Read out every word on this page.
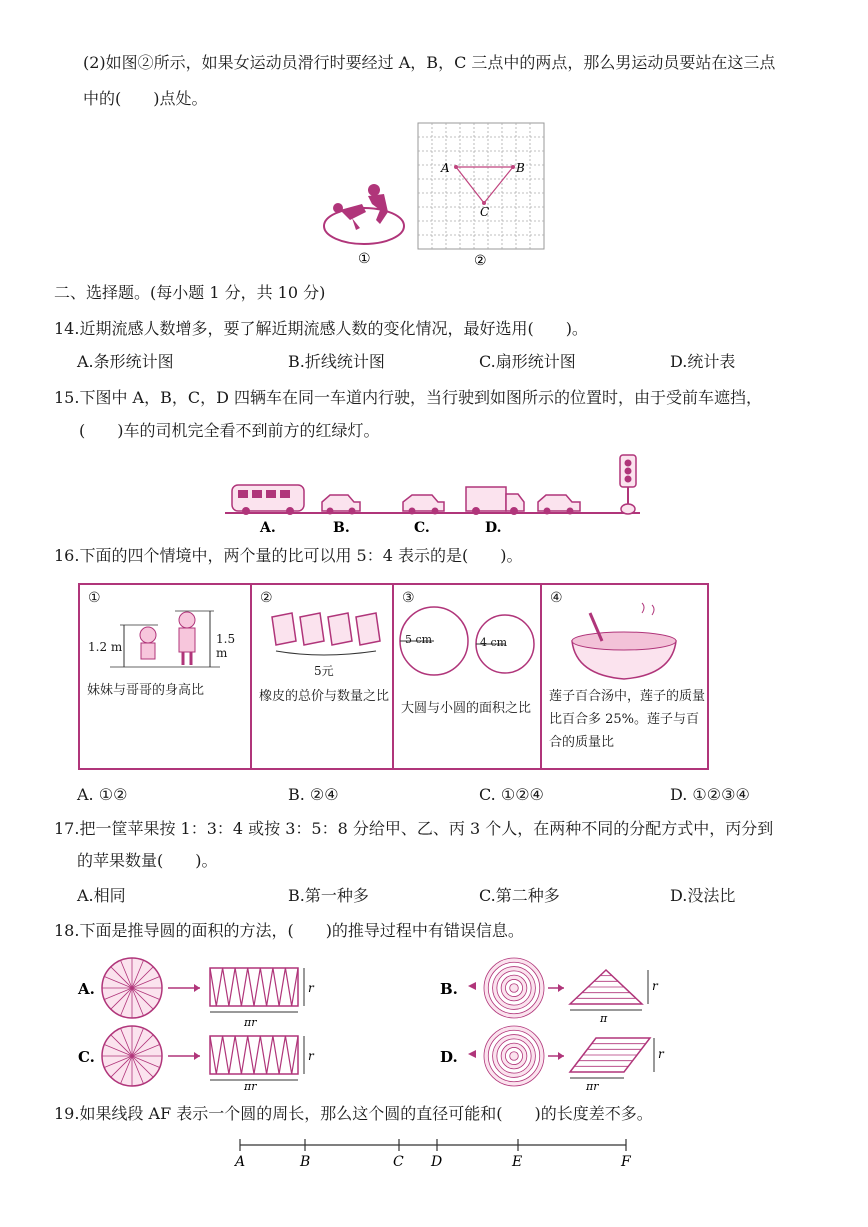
(2)如图②所示，如果女运动员滑行时要经过 A，B，C 三点中的两点，那么男运动员要站在这三点
中的(　　)点处。
①
A	B
C
②
二、选择题。(每小题 1 分，共 10 分)
14.近期流感人数增多，要了解近期流感人数的变化情况，最好选用(　　)。
A.条形统计图	B.折线统计图	C.扇形统计图	D.统计表
15.下图中 A，B，C，D 四辆车在同一车道内行驶，当行驶到如图所示的位置时，由于受前车遮挡，
(　　)车的司机完全看不到前方的红绿灯。
A.	B.	C.	D.
16.下面的四个情境中，两个量的比可以用 5：4 表示的是(　　)。
①
1.2 m
1.5 m
妹妹与哥哥的身高比
②
5元
橡皮的总价与数量之比
③
5 cm	4 cm
大圆与小圆的面积之比
④
莲子百合汤中，莲子的质量比百合多 25%。莲子与百合的质量比
A. ①②	B. ②④	C. ①②④	D. ①②③④
17.把一筐苹果按 1：3：4 或按 3：5：8 分给甲、乙、丙 3 个人，在两种不同的分配方式中，丙分到
的苹果数量(　　)。
A.相同	B.第一种多	C.第二种多	D.没法比
18.下面是推导圆的面积的方法，(　　)的推导过程中有错误信息。
A.	r
πr
B.	r
π
C.	r
πr
D.	r
πr
19.如果线段 AF 表示一个圆的周长，那么这个圆的直径可能和(　　)的长度差不多。
A	B	C D	E	F
